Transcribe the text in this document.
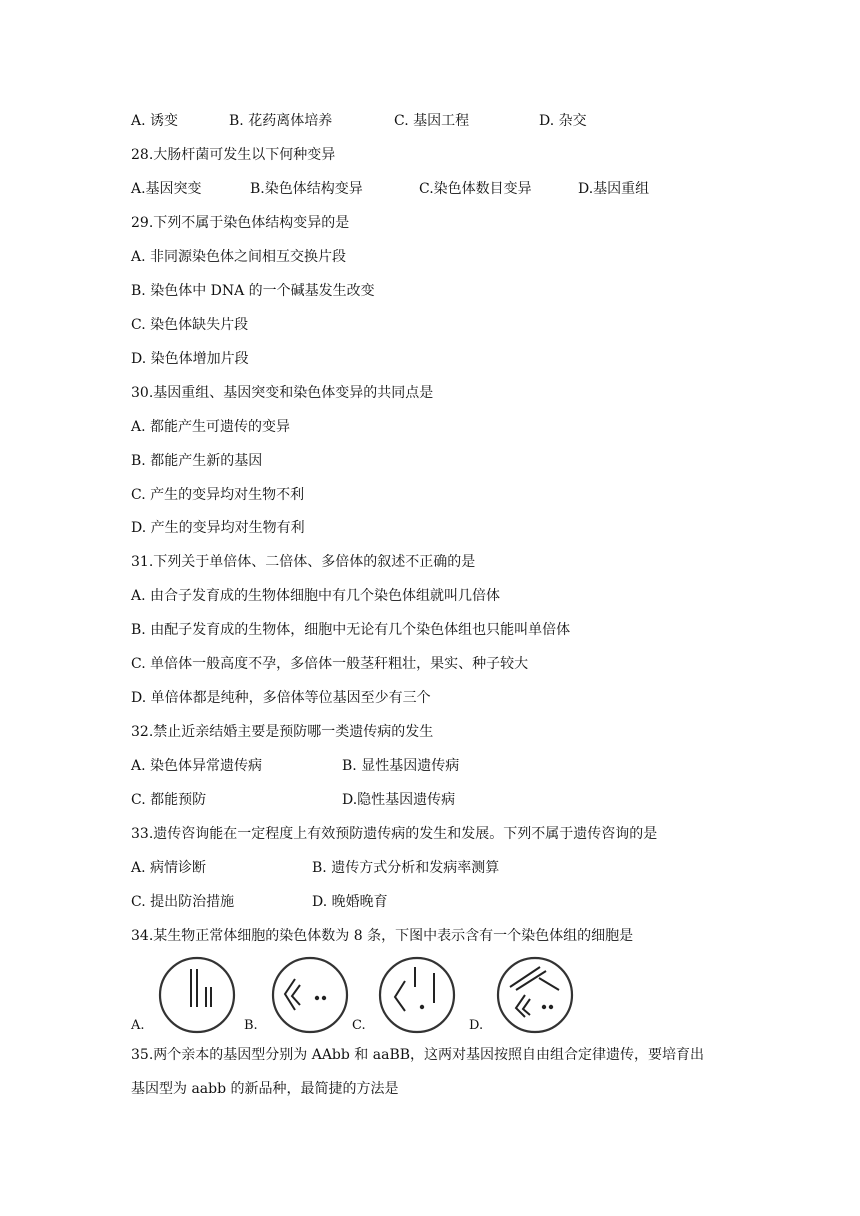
A. 诱变	B. 花药离体培养	C. 基因工程	D. 杂交
28.大肠杆菌可发生以下何种变异
A.基因突变	B.染色体结构变异	C.染色体数目变异	D.基因重组
29.下列不属于染色体结构变异的是
A. 非同源染色体之间相互交换片段
B. 染色体中 DNA 的一个碱基发生改变
C. 染色体缺失片段
D. 染色体增加片段
30.基因重组、基因突变和染色体变异的共同点是
A. 都能产生可遗传的变异
B. 都能产生新的基因
C. 产生的变异均对生物不利
D. 产生的变异均对生物有利
31.下列关于单倍体、二倍体、多倍体的叙述不正确的是
A. 由合子发育成的生物体细胞中有几个染色体组就叫几倍体
B. 由配子发育成的生物体，细胞中无论有几个染色体组也只能叫单倍体
C. 单倍体一般高度不孕，多倍体一般茎秆粗壮，果实、种子较大
D. 单倍体都是纯种，多倍体等位基因至少有三个
32.禁止近亲结婚主要是预防哪一类遗传病的发生
A. 染色体异常遗传病	B. 显性基因遗传病
C. 都能预防	D.隐性基因遗传病
33.遗传咨询能在一定程度上有效预防遗传病的发生和发展。下列不属于遗传咨询的是
A. 病情诊断	B. 遗传方式分析和发病率测算
C. 提出防治措施	D. 晚婚晚育
34.某生物正常体细胞的染色体数为 8 条，下图中表示含有一个染色体组的细胞是
A.	B.	C.	D.
35.两个亲本的基因型分别为 AAbb 和 aaBB，这两对基因按照自由组合定律遗传，要培育出
基因型为 aabb 的新品种，最简捷的方法是
